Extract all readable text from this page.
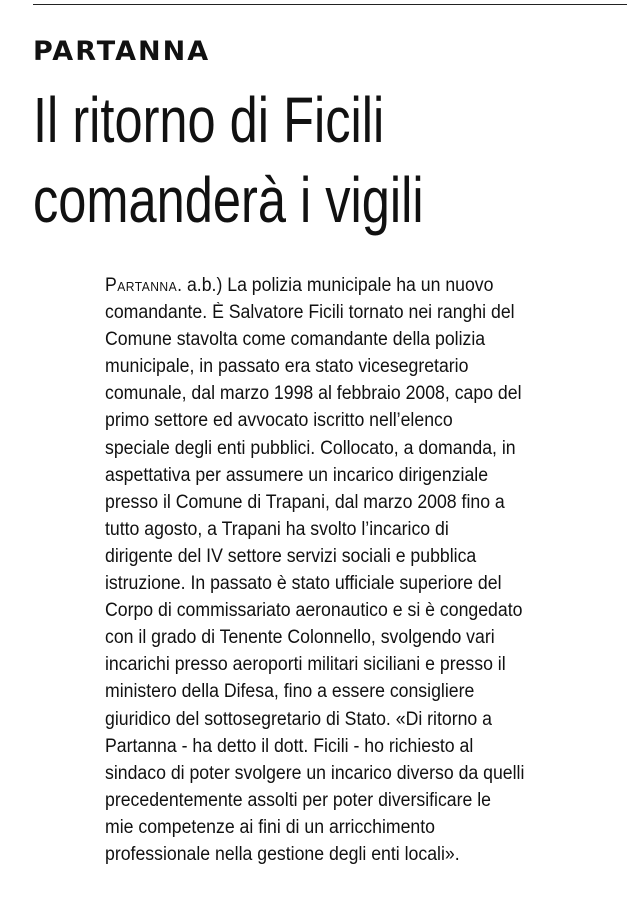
PARTANNA
Il ritorno di Ficili
comanderà i vigili
Partanna. a.b.) La polizia municipale ha un nuovo
comandante. È Salvatore Ficili tornato nei ranghi del
Comune stavolta come comandante della polizia
municipale, in passato era stato vicesegretario
comunale, dal marzo 1998 al febbraio 2008, capo del
primo settore ed avvocato iscritto nell’elenco
speciale degli enti pubblici. Collocato, a domanda, in
aspettativa per assumere un incarico dirigenziale
presso il Comune di Trapani, dal marzo 2008 fino a
tutto agosto, a Trapani ha svolto l’incarico di
dirigente del IV settore servizi sociali e pubblica
istruzione. In passato è stato ufficiale superiore del
Corpo di commissariato aeronautico e si è congedato
con il grado di Tenente Colonnello, svolgendo vari
incarichi presso aeroporti militari siciliani e presso il
ministero della Difesa, fino a essere consigliere
giuridico del sottosegretario di Stato. «Di ritorno a
Partanna - ha detto il dott. Ficili - ho richiesto al
sindaco di poter svolgere un incarico diverso da quelli
precedentemente assolti per poter diversificare le
mie competenze ai fini di un arricchimento
professionale nella gestione degli enti locali».
